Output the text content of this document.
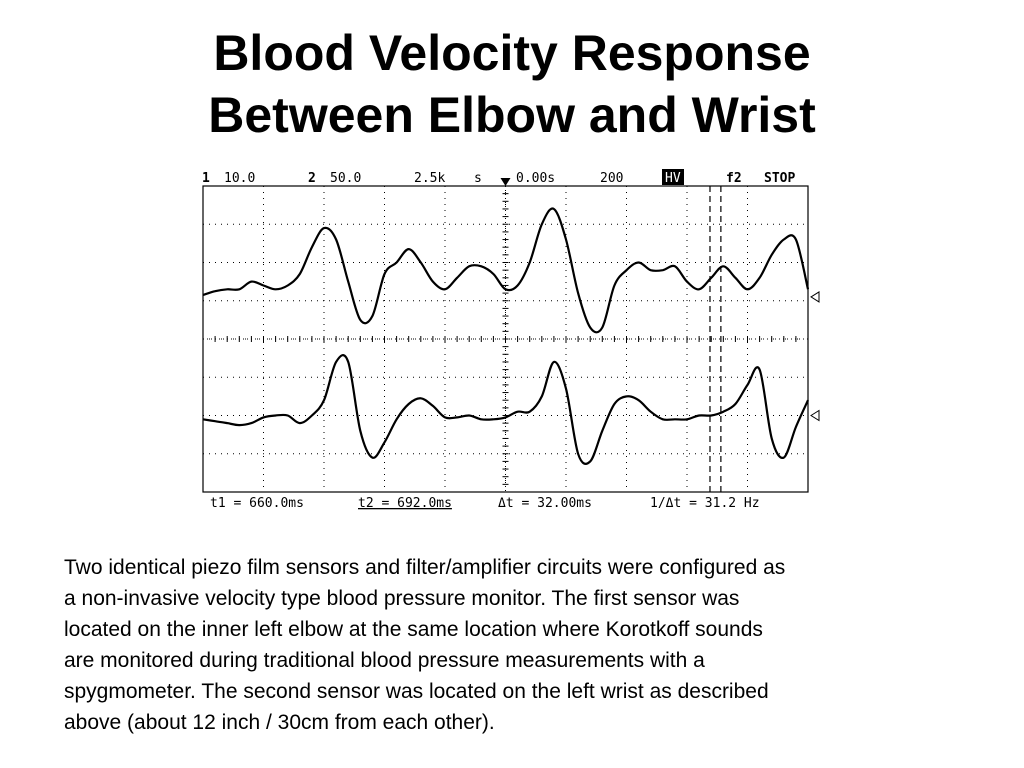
Blood Velocity Response
Between Elbow and Wrist
1 10.0	2 50.0	2.5k s	0.00s	200	HV	f2 STOP
t1 = 660.0ms	t2 = 692.0ms	Δt = 32.00ms	1/Δt = 31.2 Hz
Two identical piezo film sensors and filter/amplifier circuits were configured as
a non-invasive velocity type blood pressure monitor. The first sensor was
located on the inner left elbow at the same location where Korotkoff sounds
are monitored during traditional blood pressure measurements with a
spygmometer. The second sensor was located on the left wrist as described
above (about 12 inch / 30cm from each other).
